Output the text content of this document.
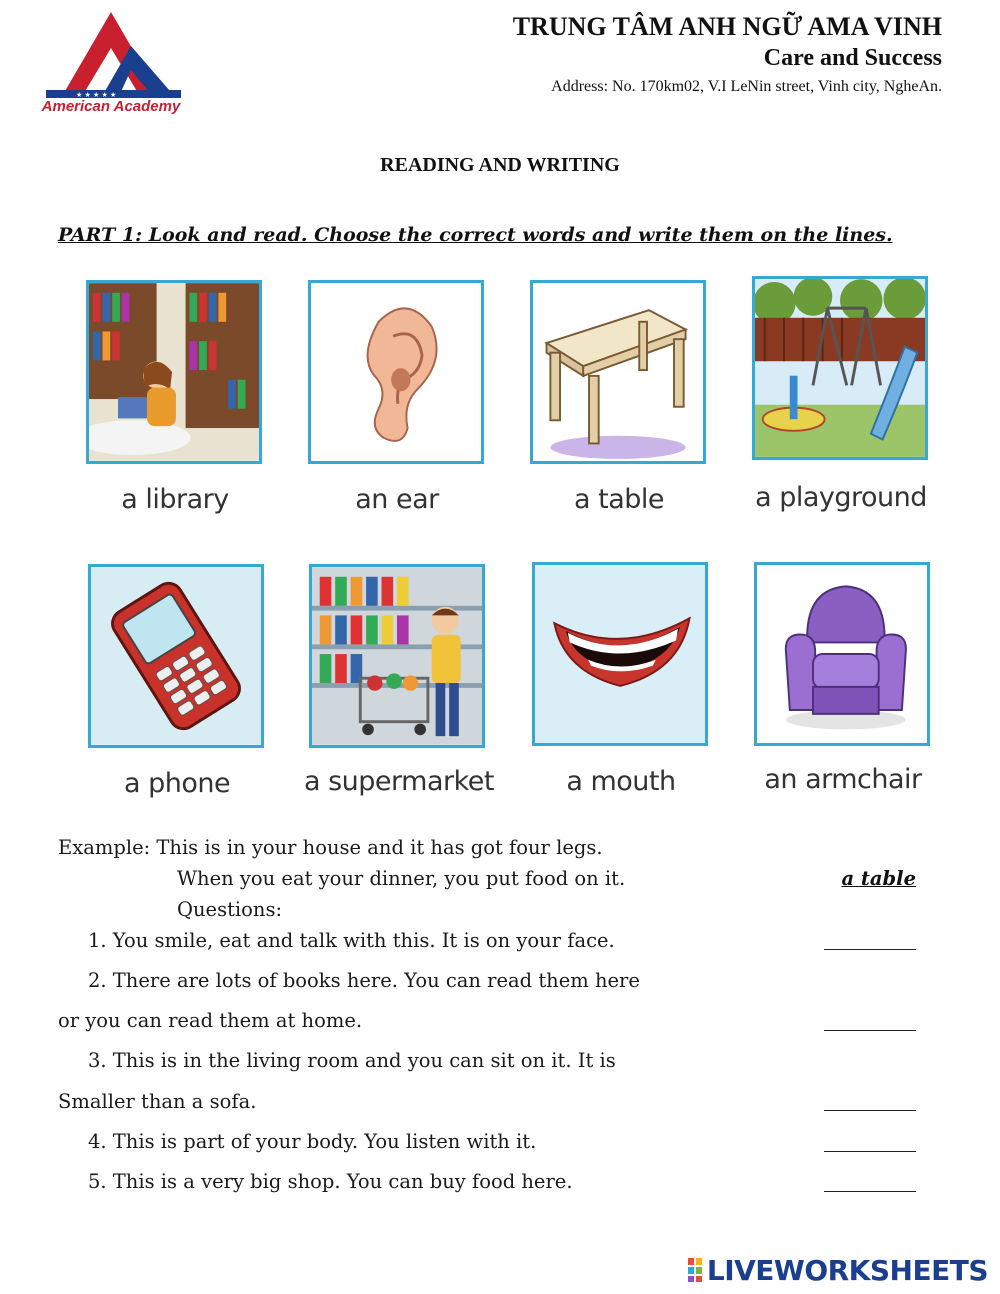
★ ★ ★ ★ ★
American Academy
TRUNG TÂM ANH NGỮ AMA VINH
Care and Success
Address: No. 170km02, V.I LeNin street, Vinh city, NgheAn.
READING AND WRITING
PART 1: Look and read. Choose the correct words and write them on the lines.
a library	an ear	a table	a playground
a phone	a supermarket	a mouth	an armchair
Example: This is in your house and it has got four legs.
When you eat your dinner, you put food on it.	a table
Questions:
1. You smile, eat and talk with this. It is on your face.
2. There are lots of books here. You can read them here
or you can read them at home.
3. This is in the living room and you can sit on it. It is
Smaller than a sofa.
4. This is part of your body. You listen with it.
5. This is a very big shop. You can buy food here.
LIVEWORKSHEETS
